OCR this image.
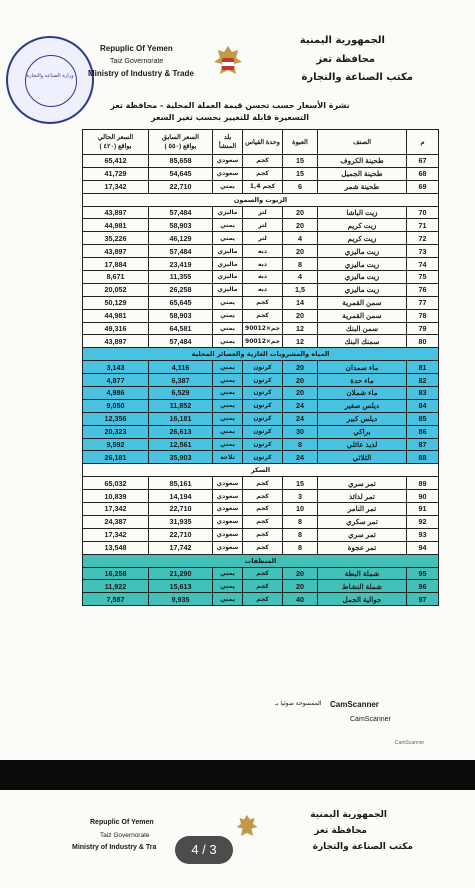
وزارة الصناعة والتجارة
Repuplic Of Yemen
Taiz Governorate
Ministry of Industry & Trade
الجمهورية اليمنية
محافظة تعز
مكتب الصناعة والتجارة
نشرة الأسعار حسب تحسن قيمة العملة المحلية - محافظة تعز
التسعيرة قابلة للتغيير بحسب تغير السعر
السعر الحالي
بواقع (٤٢٠ )	السعر السابق
بواقع (٥٥٠ )	بلد المنشأ	وحدة القياس	العبوة	الصنف	م
65,412	85,658	سعودي	كجم	15	طحينة الكروف	67
41,729	54,645	سعودي	كجم	15	طحينة الجميل	68
17,342	22,710	يمني	1,4 كجم	6	طحينة شمر	69
الزيوت والسمون						
43,897	57,484	ماليزي	لتر	20	زيت الباشا	70
44,981	58,903	يمني	لتر	20	زيت كريم	71
35,226	46,129	يمني	لتر	4	زيت كريم	72
43,897	57,484	ماليزي	دبه	20	زيت ماليزي	73
17,884	23,419	ماليزي	دبه	8	زيت ماليزي	74
8,671	11,355	ماليزي	دبه	4	زيت ماليزي	75
20,052	26,258	ماليزي	دبه	1,5	زيت ماليزي	76
50,129	65,645	يمني	كجم	14	سمن القمرية	77
44,981	58,903	يمني	كجم	20	سمن القمرية	78
49,316	64,581	يمني	900جم×12	12	سمن البنك	79
43,897	57,484	يمني	900جم×12	12	سمنك البنك	80
المياه والمشروبات الغازية والعصائر المحلية						
3,143	4,116	يمني	كرتون	20	ماء سمدان	81
4,877	6,387	يمني	كرتون	20	ماء حدة	82
4,986	6,529	يمني	كرتون	20	ماء شملان	83
9,050	11,852	يمني	كرتون	24	ديلس صغير	84
12,356	16,181	يمني	كرتون	24	ديلس كبير	85
20,323	26,613	يمني	كرتون	30	براكي	86
9,592	12,561	يمني	كرتون	8	لذيذ عائلي	87
26,181	35,903	ثلاجة	كرتون	24	الثلاثي	88
السكر						
65,032	85,161	سعودي	كجم	15	تمر سري	89
10,839	14,194	سعودي	كجم	3	تمر لذائذ	90
17,342	22,710	سعودي	كجم	10	تمر النامر	91
24,387	31,935	سعودي	كجم	8	تمر سكري	92
17,342	22,710	سعودي	كجم	8	تمر سري	93
13,548	17,742	سعودي	كجم	8	تمر عجوة	94
المنظفات						
16,258	21,290	يمني	كجم	20	شملة البطة	95
11,922	15,613	يمني	كجم	20	شملة النشاط	96
7,587	9,935	يمني	كجم	40	جوالية الجمل	97
CamScanner
الممسوحة ضوئيا بـ
CamScanner
CamScanner
Repuplic Of Yemen
Taiz Governorate
Ministry of Industry & Tra
الجمهورية اليمنية
محافظة تعز
مكتب الصناعة والتجارة
4 / 3
